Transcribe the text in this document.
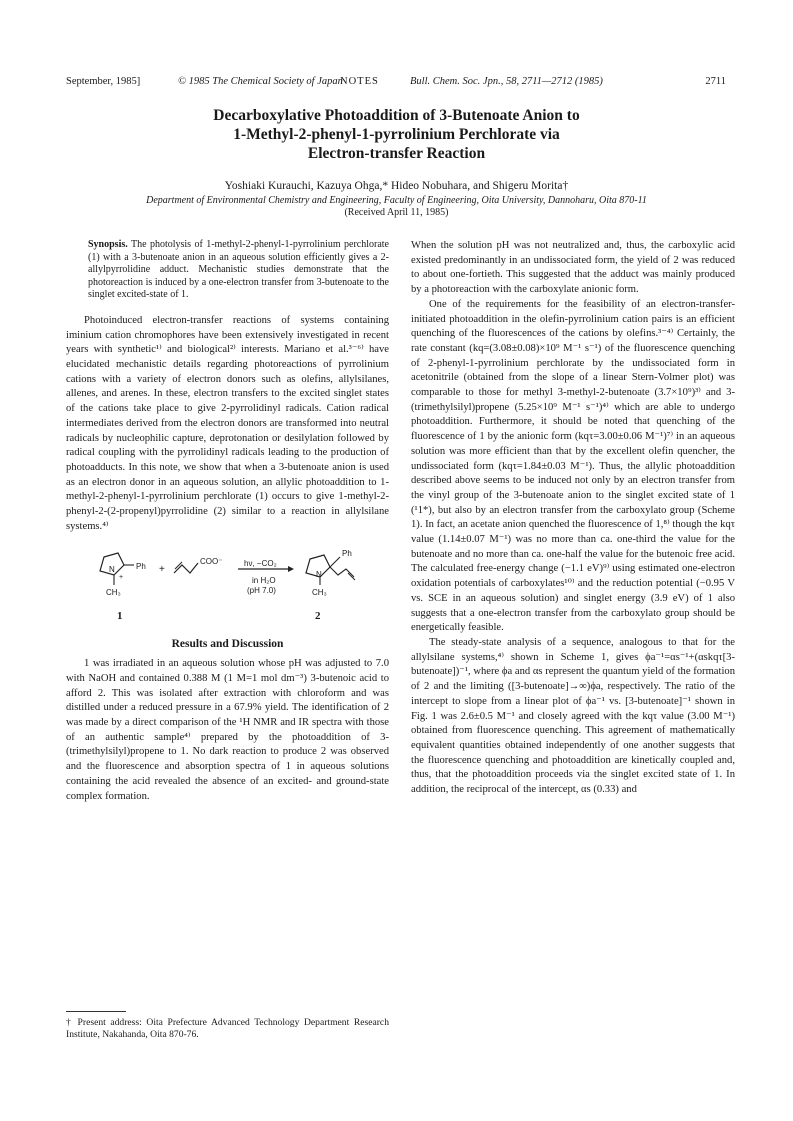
September, 1985]	© 1985 The Chemical Society of Japan
NOTES	Bull. Chem. Soc. Jpn., 58, 2711—2712 (1985)	2711
Decarboxylative Photoaddition of 3-Butenoate Anion to
1-Methyl-2-phenyl-1-pyrrolinium Perchlorate via
Electron-transfer Reaction
Yoshiaki Kurauchi, Kazuya Ohga,* Hideo Nobuhara, and Shigeru Morita†
Department of Environmental Chemistry and Engineering, Faculty of Engineering, Oita University, Dannoharu, Oita 870-11
(Received April 11, 1985)

Synopsis. The photolysis of 1-methyl-2-phenyl-1-pyrrolinium perchlorate (1) with a 3-butenoate anion in an aqueous solution efficiently gives a 2-allylpyrrolidine adduct. Mechanistic studies demonstrate that the photoreaction is induced by a one-electron transfer from 3-butenoate to the singlet excited-state of 1.

Photoinduced electron-transfer reactions of systems containing iminium cation chromophores have been extensively investigated in recent years with synthetic¹⁾ and biological²⁾ interests. Mariano et al.³⁻⁶⁾ have elucidated mechanistic details regarding photoreactions of pyrrolinium cations with a variety of electron donors such as olefins, allylsilanes, allenes, and arenes. In these, electron transfers to the excited singlet states of the cations take place to give 2-pyrrolidinyl radicals. Cation radical intermediates derived from the electron donors are transformed into neutral radicals by nucleophilic capture, deprotonation or desilylation followed by radical coupling with the pyrrolidinyl radicals leading to the production of photoadducts. In this note, we show that when a 3-butenoate anion is used as an electron donor in an aqueous solution, an allylic photoaddition to 1-methyl-2-phenyl-1-pyrrolinium perchlorate (1) occurs to give 1-methyl-2-phenyl-2-(2-propenyl)pyrrolidine (2) similar to a reaction in allylsilane systems.⁴⁾

N
+
Ph
CH₃
+
COO⁻	hν, −CO₂
in H₂O
(pH 7.0)
N
Ph
CH₃
1	2
Results and Discussion

1 was irradiated in an aqueous solution whose pH was adjusted to 7.0 with NaOH and contained 0.388 M (1 M=1 mol dm⁻³) 3-butenoic acid to afford 2. This was isolated after extraction with chloroform and was distilled under a reduced pressure in a 67.9% yield. The identification of 2 was made by a direct comparison of the ¹H NMR and IR spectra with those of an authentic sample⁴⁾ prepared by the photoaddition of 3-(trimethylsilyl)propene to 1. No dark reaction to produce 2 was observed and the fluorescence and absorption spectra of 1 in aqueous solutions containing the acid revealed the absence of an excited- and ground-state complex formation.

When the solution pH was not neutralized and, thus, the carboxylic acid existed predominantly in an undissociated form, the yield of 2 was reduced to about one-fortieth. This suggested that the adduct was mainly produced by a photoreaction with the carboxylate anionic form.

One of the requirements for the feasibility of an electron-transfer-initiated photoaddition in the olefin-pyrrolinium cation pairs is an efficient quenching of the fluorescences of the cations by olefins.³⁻⁴⁾ Certainly, the rate constant (kq=(3.08±0.08)×10⁹ M⁻¹ s⁻¹) of the fluorescence quenching of 2-phenyl-1-pyrrolinium perchlorate by the undissociated form in acetonitrile (obtained from the slope of a linear Stern-Volmer plot) was comparable to those for methyl 3-methyl-2-butenoate (3.7×10⁹)³⁾ and 3-(trimethylsilyl)propene (5.25×10⁹ M⁻¹ s⁻¹)⁴⁾ which are able to undergo photoaddition. Furthermore, it should be noted that quenching of the fluorescence of 1 by the anionic form (kqτ=3.00±0.06 M⁻¹)⁷⁾ in an aqueous solution was more efficient than that by the excellent olefin quencher, the undissociated form (kqτ=1.84±0.03 M⁻¹). Thus, the allylic photoaddition described above seems to be induced not only by an electron transfer from the vinyl group of the 3-butenoate anion to the singlet excited state of 1 (¹1*), but also by an electron transfer from the carboxylato group (Scheme 1). In fact, an acetate anion quenched the fluorescence of 1,⁸⁾ though the kqτ value (1.14±0.07 M⁻¹) was no more than ca. one-third the value for the butenoate and no more than ca. one-half the value for the butenoic free acid. The calculated free-energy change (−1.1 eV)⁹⁾ using estimated one-electron oxidation potentials of carboxylates¹⁰⁾ and the reduction potential (−0.95 V vs. SCE in an aqueous solution) and singlet energy (3.9 eV) of 1 also suggests that a one-electron transfer from the carboxylato group should be energetically feasible.

The steady-state analysis of a sequence, analogous to that for the allylsilane systems,⁴⁾ shown in Scheme 1, gives ϕa⁻¹=αs⁻¹+(αskqτ[3-butenoate])⁻¹, where ϕa and αs represent the quantum yield of the formation of 2 and the limiting ([3-butenoate]→∞)ϕa, respectively. The ratio of the intercept to slope from a linear plot of ϕa⁻¹ vs. [3-butenoate]⁻¹ shown in Fig. 1 was 2.6±0.5 M⁻¹ and closely agreed with the kqτ value (3.00 M⁻¹) obtained from fluorescence quenching. This agreement of mathematically equivalent quantities obtained independently of one another suggests that the fluorescence quenching and photoaddition are kinetically coupled and, thus, that the photoaddition proceeds via the singlet excited state of 1. In addition, the reciprocal of the intercept, αs (0.33) and

† Present address: Oita Prefecture Advanced Technology Department Research Institute, Nakahanda, Oita 870-76.
